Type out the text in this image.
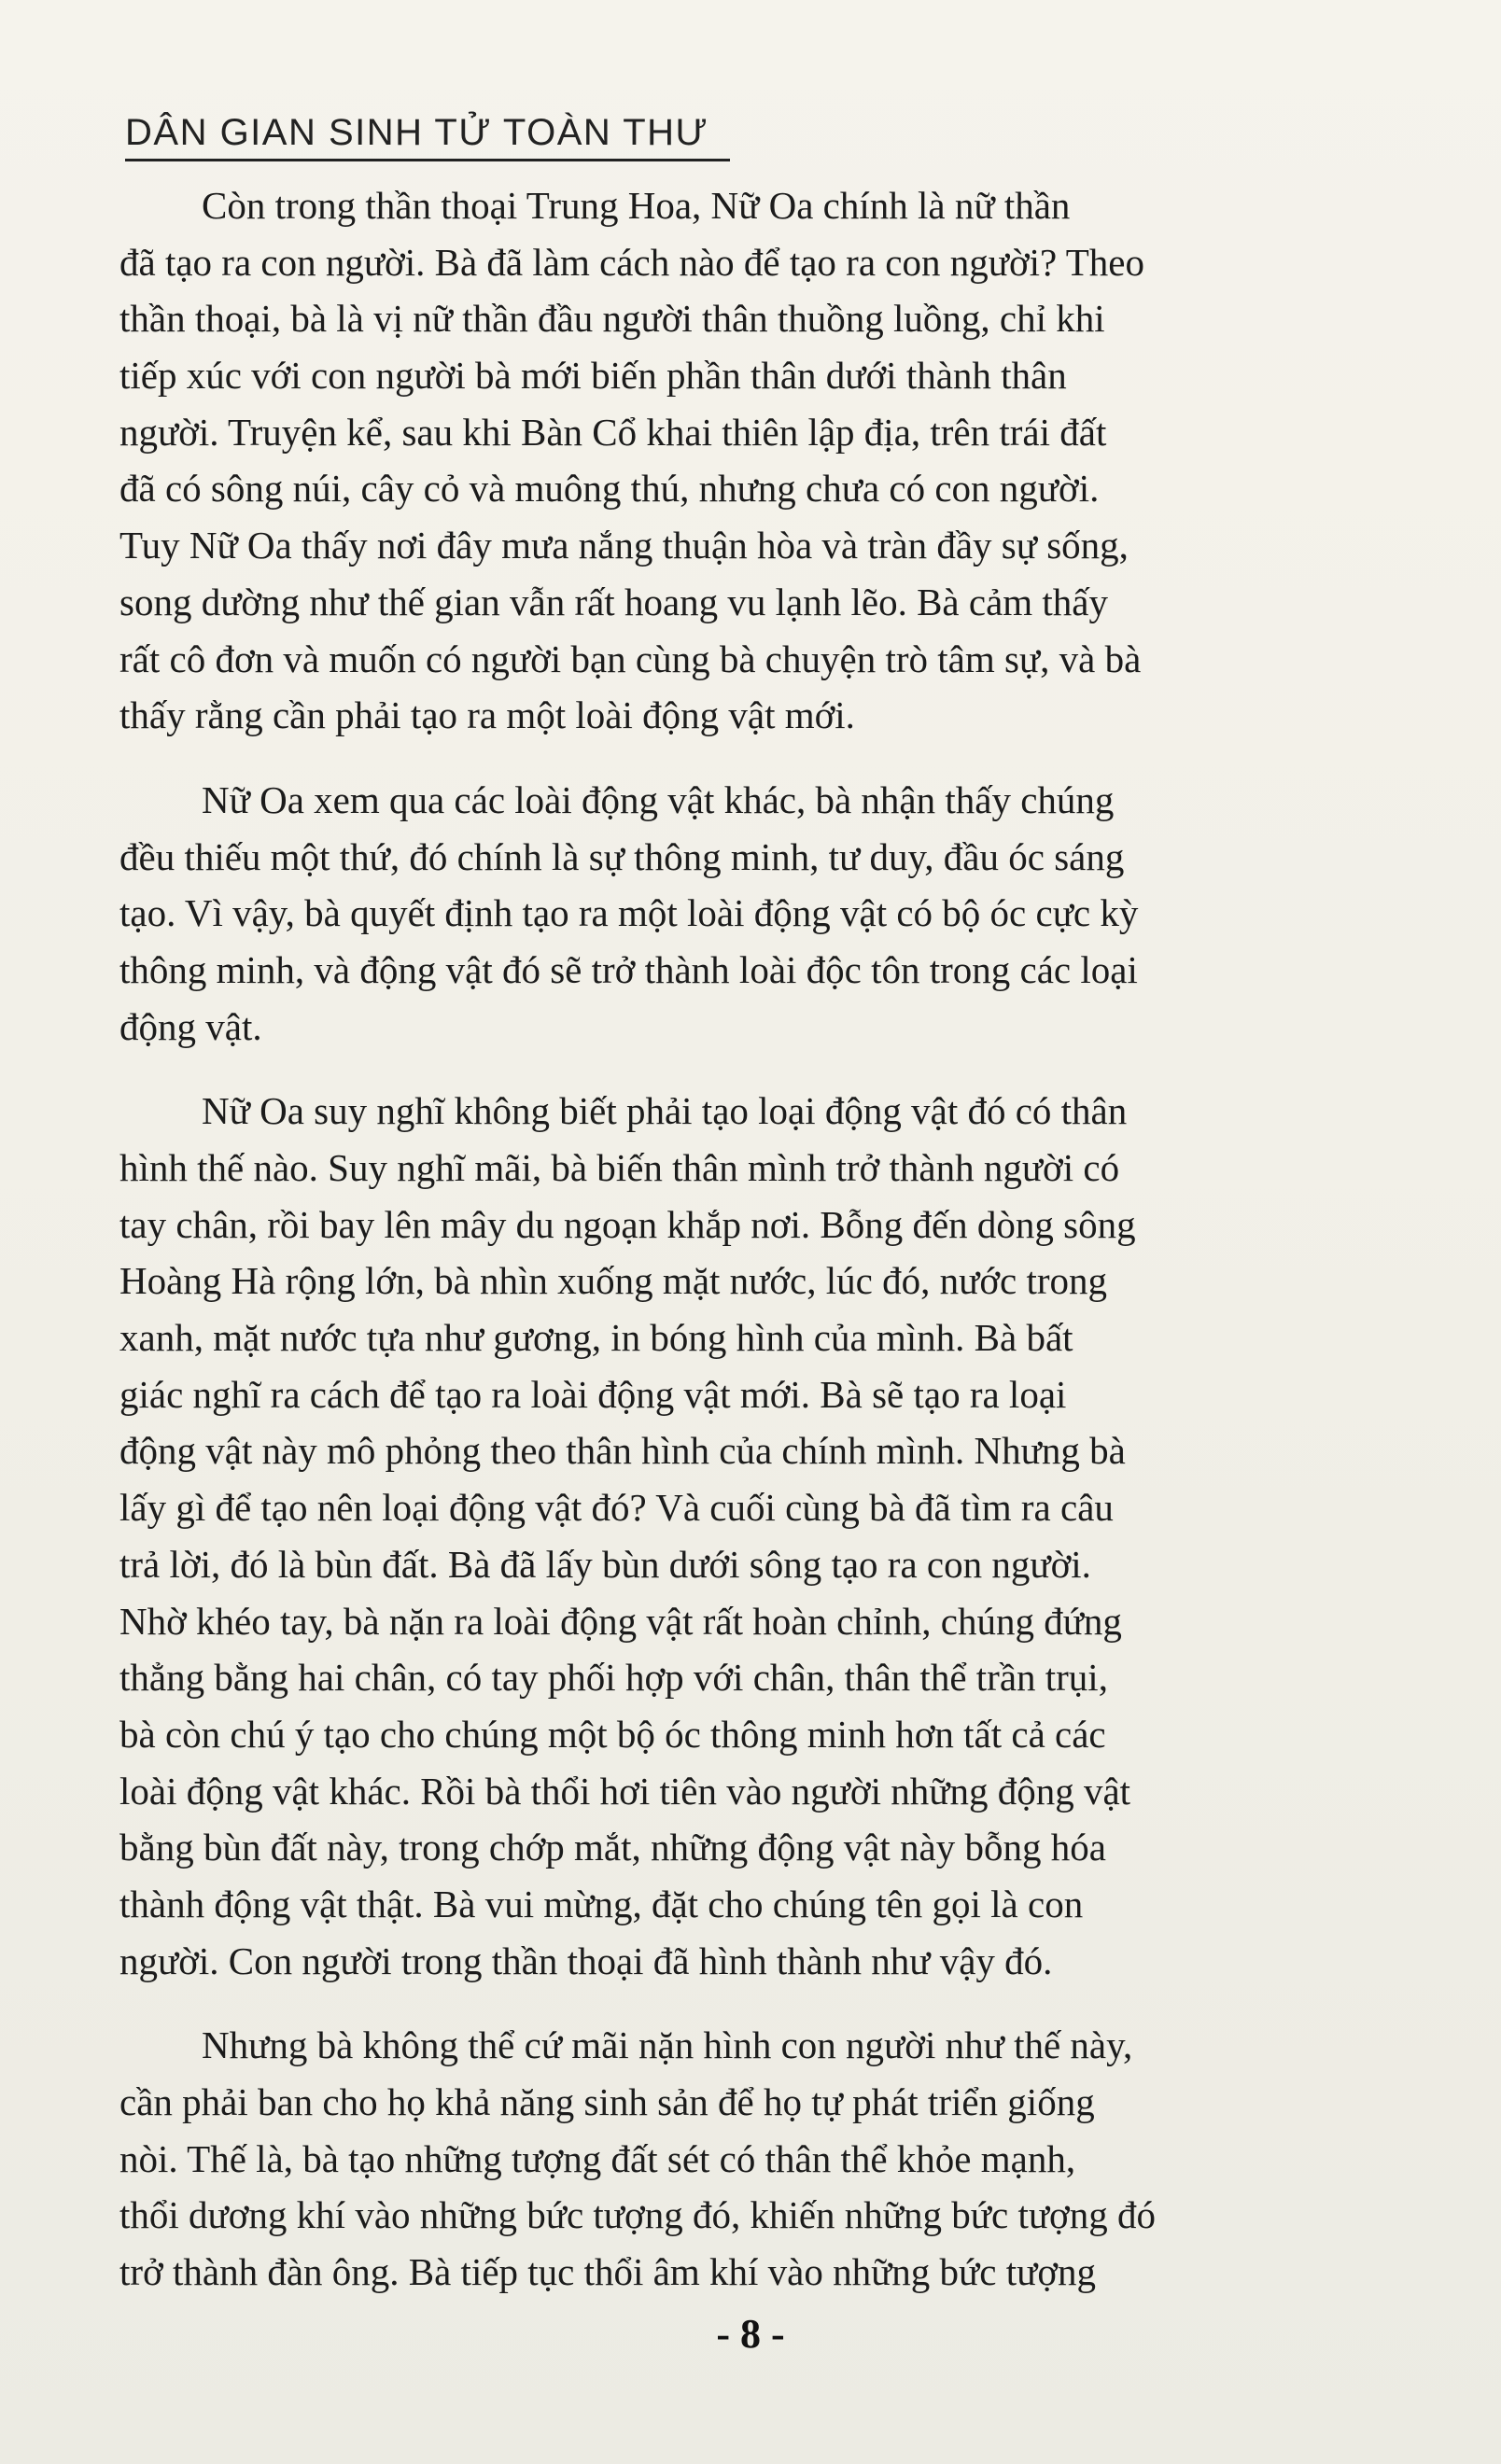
DÂN GIAN SINH TỬ TOÀN THƯ
Còn trong thần thoại Trung Hoa, Nữ Oa chính là nữ thần
đã tạo ra con người. Bà đã làm cách nào để tạo ra con người? Theo
thần thoại, bà là vị nữ thần đầu người thân thuồng luồng, chỉ khi
tiếp xúc với con người bà mới biến phần thân dưới thành thân
người. Truyện kể, sau khi Bàn Cổ khai thiên lập địa, trên trái đất
đã có sông núi, cây cỏ và muông thú, nhưng chưa có con người.
Tuy Nữ Oa thấy nơi đây mưa nắng thuận hòa và tràn đầy sự sống,
song dường như thế gian vẫn rất hoang vu lạnh lẽo. Bà cảm thấy
rất cô đơn và muốn có người bạn cùng bà chuyện trò tâm sự, và bà
thấy rằng cần phải tạo ra một loài động vật mới.
Nữ Oa xem qua các loài động vật khác, bà nhận thấy chúng
đều thiếu một thứ, đó chính là sự thông minh, tư duy, đầu óc sáng
tạo. Vì vậy, bà quyết định tạo ra một loài động vật có bộ óc cực kỳ
thông minh, và động vật đó sẽ trở thành loài độc tôn trong các loại
động vật.
Nữ Oa suy nghĩ không biết phải tạo loại động vật đó có thân
hình thế nào. Suy nghĩ mãi, bà biến thân mình trở thành người có
tay chân, rồi bay lên mây du ngoạn khắp nơi. Bỗng đến dòng sông
Hoàng Hà rộng lớn, bà nhìn xuống mặt nước, lúc đó, nước trong
xanh, mặt nước tựa như gương, in bóng hình của mình. Bà bất
giác nghĩ ra cách để tạo ra loài động vật mới. Bà sẽ tạo ra loại
động vật này mô phỏng theo thân hình của chính mình. Nhưng bà
lấy gì để tạo nên loại động vật đó? Và cuối cùng bà đã tìm ra câu
trả lời, đó là bùn đất. Bà đã lấy bùn dưới sông tạo ra con người.
Nhờ khéo tay, bà nặn ra loài động vật rất hoàn chỉnh, chúng đứng
thẳng bằng hai chân, có tay phối hợp với chân, thân thể trần trụi,
bà còn chú ý tạo cho chúng một bộ óc thông minh hơn tất cả các
loài động vật khác. Rồi bà thổi hơi tiên vào người những động vật
bằng bùn đất này, trong chớp mắt, những động vật này bỗng hóa
thành động vật thật. Bà vui mừng, đặt cho chúng tên gọi là con
người. Con người trong thần thoại đã hình thành như vậy đó.
Nhưng bà không thể cứ mãi nặn hình con người như thế này,
cần phải ban cho họ khả năng sinh sản để họ tự phát triển giống
nòi. Thế là, bà tạo những tượng đất sét có thân thể khỏe mạnh,
thổi dương khí vào những bức tượng đó, khiến những bức tượng đó
trở thành đàn ông. Bà tiếp tục thổi âm khí vào những bức tượng
- 8 -
